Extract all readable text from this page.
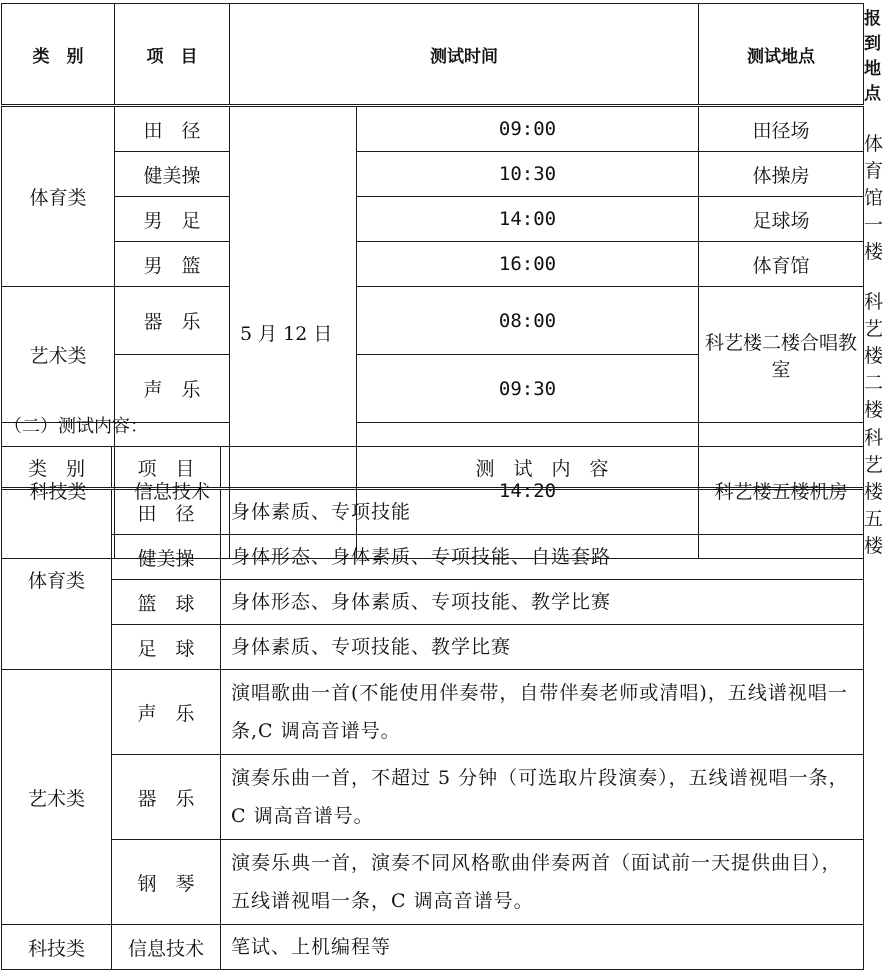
类　别	项　目	测试时间		测试地点	报到地点
体育类	田　径	5 月 12 日	09:00	田径场	体育馆一楼
	健美操		10:30	体操房	
	男　足		14:00	足球场	
	男　篮		16:00	体育馆	
艺术类	器　乐		08:00	科艺楼二楼合唱教室	科艺楼二楼
	声　乐		09:30		
科技类	信息技术		14:20	科艺楼五楼机房	科艺楼五楼
（二）测试内容：
类　别	项　目	测　试　内　容
体育类	田　径	身体素质、专项技能
	健美操	身体形态、身体素质、专项技能、自选套路
	篮　球	身体形态、身体素质、专项技能、教学比赛
	足　球	身体素质、专项技能、教学比赛
艺术类	声　乐	演唱歌曲一首(不能使用伴奏带，自带伴奏老师或清唱)，五线谱视唱一条,C 调高音谱号。
	器　乐	演奏乐曲一首，不超过 5 分钟（可选取片段演奏），五线谱视唱一条，C 调高音谱号。
	钢　琴	演奏乐典一首，演奏不同风格歌曲伴奏两首（面试前一天提供曲目），五线谱视唱一条，C 调高音谱号。
科技类	信息技术	笔试、上机编程等
